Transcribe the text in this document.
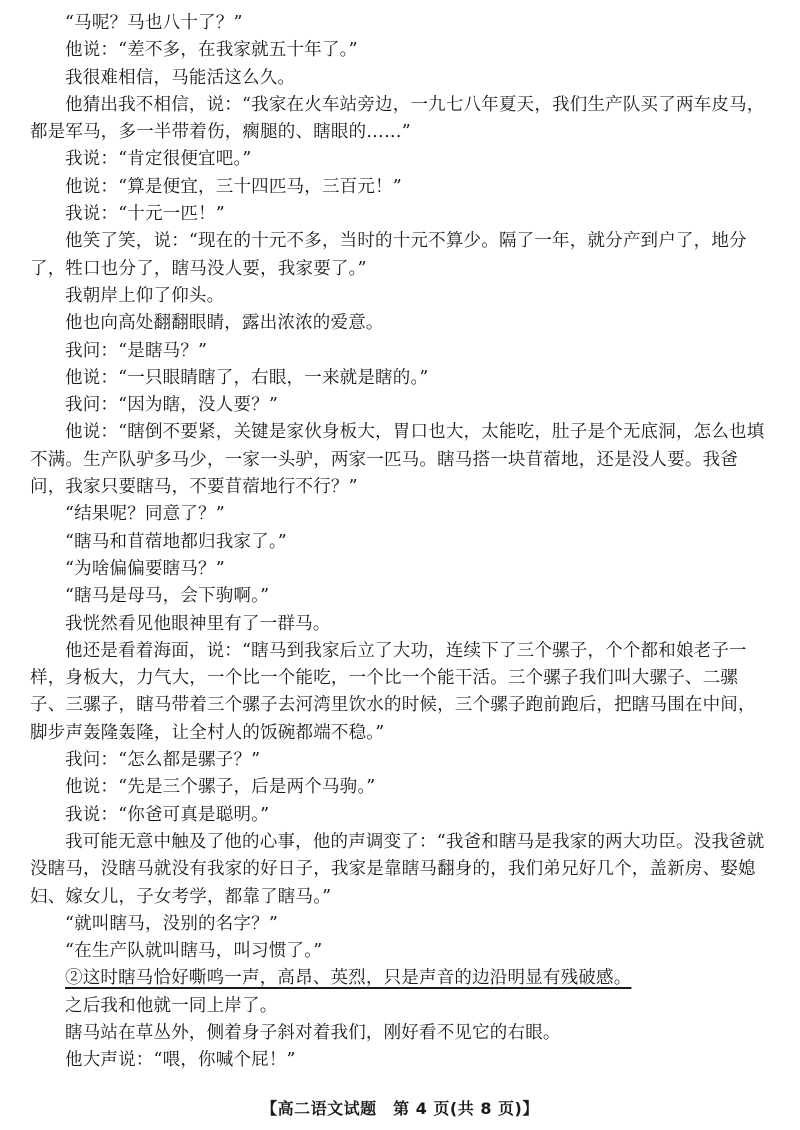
“马呢？马也八十了？”

他说：“差不多，在我家就五十年了。”

我很难相信，马能活这么久。

他猜出我不相信，说：“我家在火车站旁边，一九七八年夏天，我们生产队买了两车皮马，都是军马，多一半带着伤，瘸腿的、瞎眼的……”

我说：“肯定很便宜吧。”

他说：“算是便宜，三十四匹马，三百元！”

我说：“十元一匹！”

他笑了笑，说：“现在的十元不多，当时的十元不算少。隔了一年，就分产到户了，地分了，牲口也分了，瞎马没人要，我家要了。”

我朝岸上仰了仰头。

他也向高处翻翻眼睛，露出浓浓的爱意。

我问：“是瞎马？”

他说：“一只眼睛瞎了，右眼，一来就是瞎的。”

我问：“因为瞎，没人要？”

他说：“瞎倒不要紧，关键是家伙身板大，胃口也大，太能吃，肚子是个无底洞，怎么也填不满。生产队驴多马少，一家一头驴，两家一匹马。瞎马搭一块苜蓿地，还是没人要。我爸问，我家只要瞎马，不要苜蓿地行不行？”

“结果呢？同意了？”

“瞎马和苜蓿地都归我家了。”

“为啥偏偏要瞎马？”

“瞎马是母马，会下驹啊。”

我恍然看见他眼神里有了一群马。

他还是看着海面，说：“瞎马到我家后立了大功，连续下了三个骡子，个个都和娘老子一样，身板大，力气大，一个比一个能吃，一个比一个能干活。三个骡子我们叫大骡子、二骡子、三骡子，瞎马带着三个骡子去河湾里饮水的时候，三个骡子跑前跑后，把瞎马围在中间，脚步声轰隆轰隆，让全村人的饭碗都端不稳。”

我问：“怎么都是骡子？”

他说：“先是三个骡子，后是两个马驹。”

我说：“你爸可真是聪明。”

我可能无意中触及了他的心事，他的声调变了：“我爸和瞎马是我家的两大功臣。没我爸就没瞎马，没瞎马就没有我家的好日子，我家是靠瞎马翻身的，我们弟兄好几个，盖新房、娶媳妇、嫁女儿，子女考学，都靠了瞎马。”

“就叫瞎马，没别的名字？”

“在生产队就叫瞎马，叫习惯了。”

②这时瞎马恰好嘶鸣一声，高昂、英烈，只是声音的边沿明显有残破感。

之后我和他就一同上岸了。

瞎马站在草丛外，侧着身子斜对着我们，刚好看不见它的右眼。

他大声说：“喂，你喊个屁！”

【高二语文试题　第 4 页(共 8 页)】
